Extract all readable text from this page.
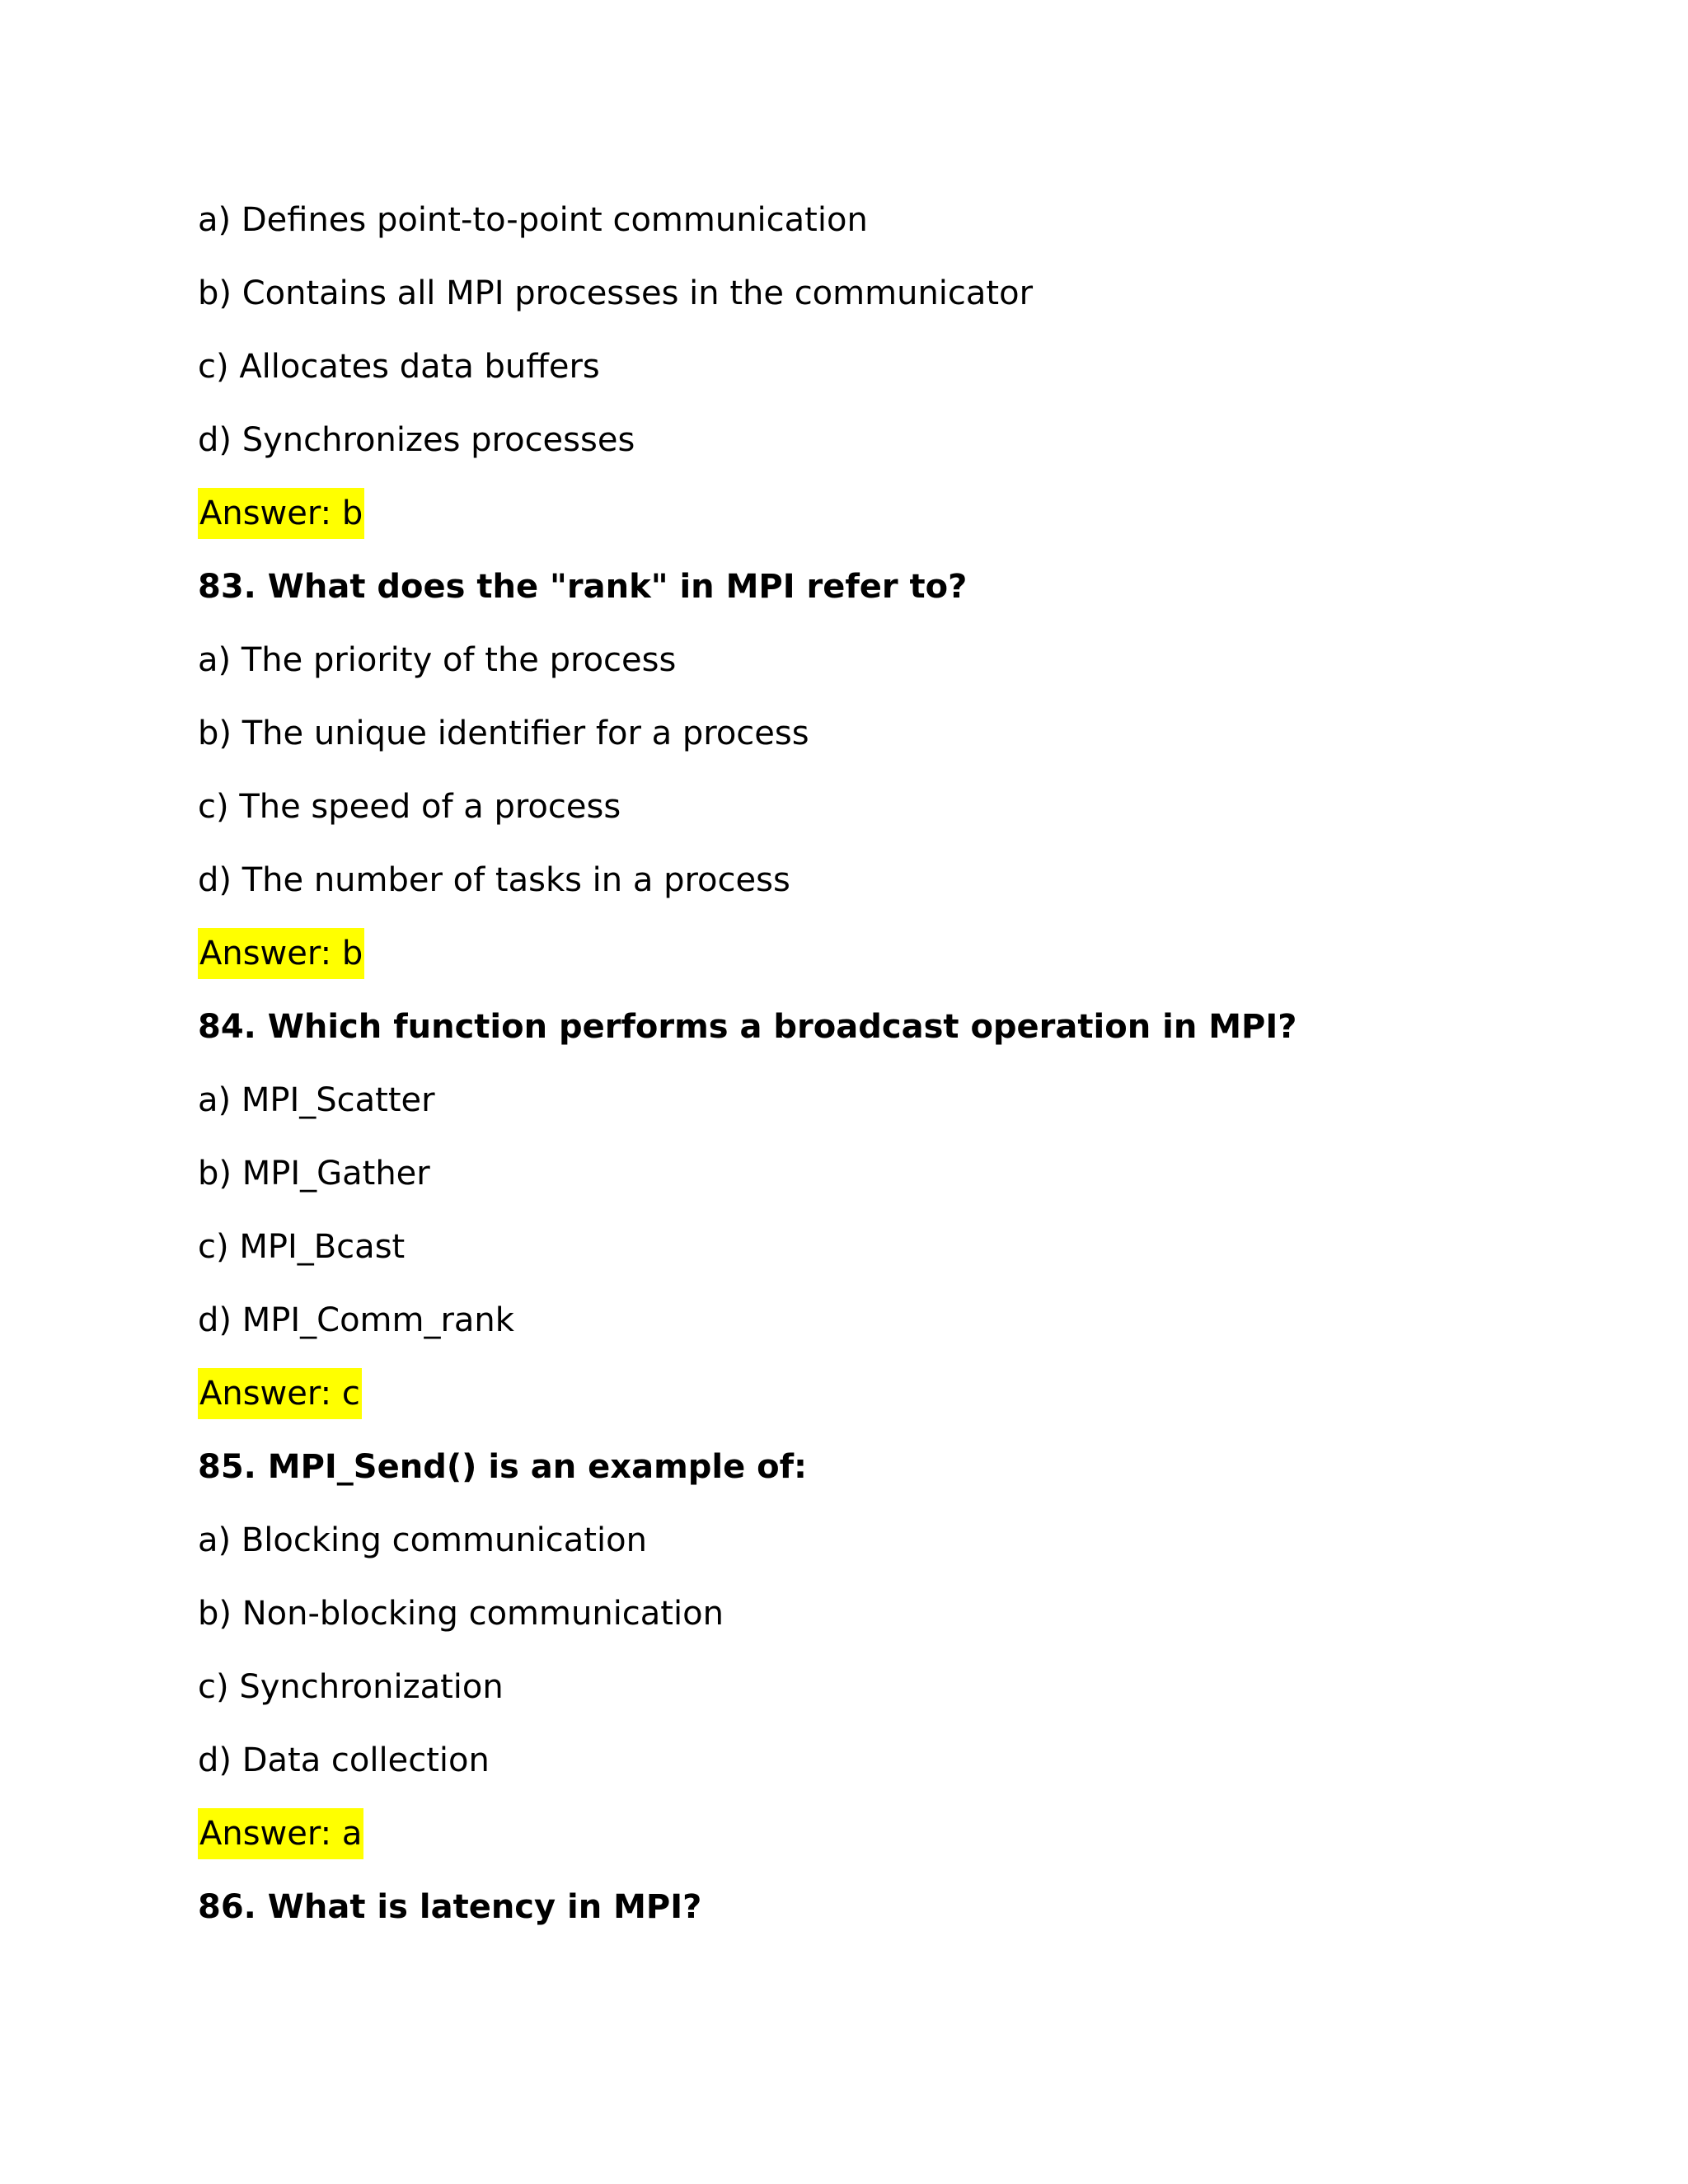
a) Defines point-to-point communication
b) Contains all MPI processes in the communicator
c) Allocates data buffers
d) Synchronizes processes
Answer: b
83. What does the "rank" in MPI refer to?
a) The priority of the process
b) The unique identifier for a process
c) The speed of a process
d) The number of tasks in a process
Answer: b
84. Which function performs a broadcast operation in MPI?
a) MPI_Scatter
b) MPI_Gather
c) MPI_Bcast
d) MPI_Comm_rank
Answer: c
85. MPI_Send() is an example of:
a) Blocking communication
b) Non-blocking communication
c) Synchronization
d) Data collection
Answer: a
86. What is latency in MPI?
